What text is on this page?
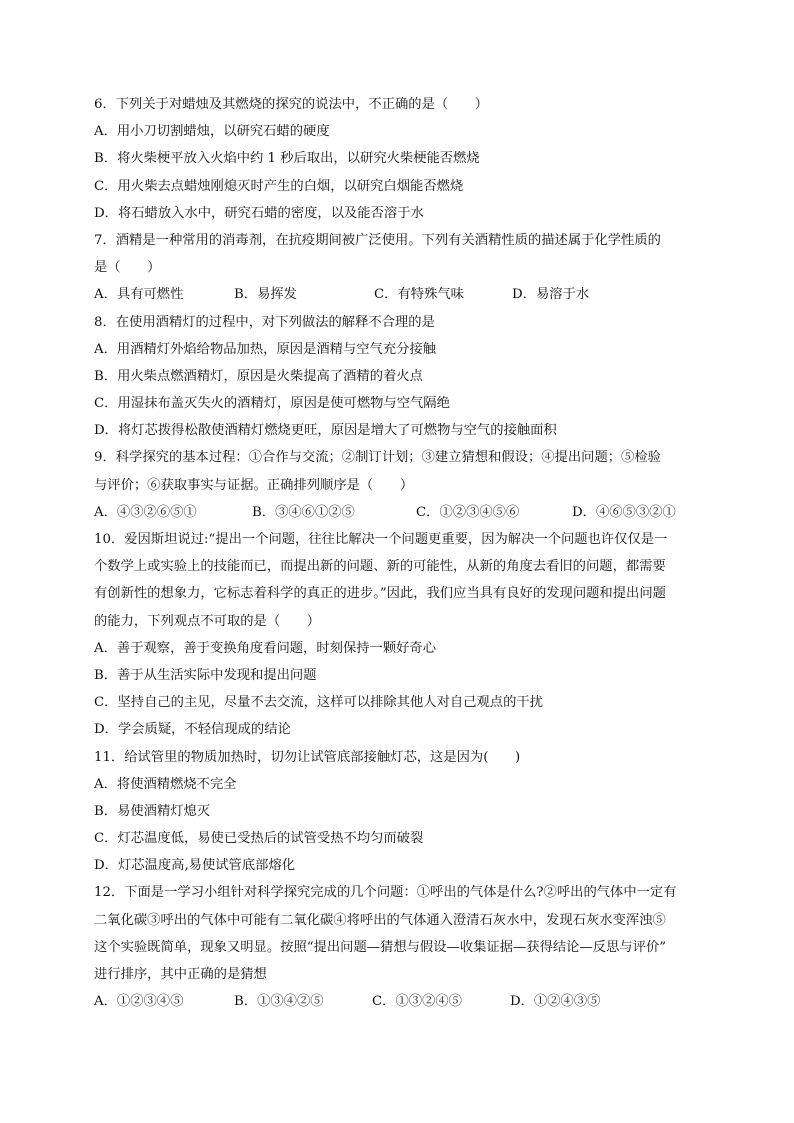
6．下列关于对蜡烛及其燃烧的探究的说法中，不正确的是（　　）
A．用小刀切割蜡烛，以研究石蜡的硬度
B．将火柴梗平放入火焰中约 1 秒后取出，以研究火柴梗能否燃烧
C．用火柴去点蜡烛刚熄灭时产生的白烟，以研究白烟能否燃烧
D．将石蜡放入水中，研究石蜡的密度，以及能否溶于水
7．酒精是一种常用的消毒剂，在抗疫期间被广泛使用。下列有关酒精性质的描述属于化学性质的
是（　　）
A．具有可燃性	B．易挥发	C．有特殊气味	D．易溶于水
8．在使用酒精灯的过程中，对下列做法的解释不合理的是
A．用酒精灯外焰给物品加热，原因是酒精与空气充分接触
B．用火柴点燃酒精灯，原因是火柴提高了酒精的着火点
C．用湿抹布盖灭失火的酒精灯，原因是使可燃物与空气隔绝
D．将灯芯拨得松散使酒精灯燃烧更旺，原因是增大了可燃物与空气的接触面积
9．科学探究的基本过程：①合作与交流；②制订计划；③建立猜想和假设；④提出问题；⑤检验
与评价；⑥获取事实与证据。正确排列顺序是（　　）
A．④③②⑥⑤①	B．③④⑥①②⑤	C．①②③④⑤⑥	D．④⑥⑤③②①
10．爱因斯坦说过:“提出一个问题，往往比解决一个问题更重要，因为解决一个问题也许仅仅是一
个数学上或实验上的技能而已，而提出新的问题、新的可能性，从新的角度去看旧的问题，都需要
有创新性的想象力，它标志着科学的真正的进步。”因此，我们应当具有良好的发现问题和提出问题
的能力，下列观点不可取的是（　　）
A．善于观察，善于变换角度看问题，时刻保持一颗好奇心
B．善于从生活实际中发现和提出问题
C．坚持自己的主见，尽量不去交流，这样可以排除其他人对自己观点的干扰
D．学会质疑，不轻信现成的结论
11．给试管里的物质加热时，切勿让试管底部接触灯芯，这是因为(　　)
A．将使酒精燃烧不完全
B．易使酒精灯熄灭
C．灯芯温度低，易使已受热后的试管受热不均匀而破裂
D．灯芯温度高,易使试管底部熔化
12．下面是一学习小组针对科学探究完成的几个问题：①呼出的气体是什么?②呼出的气体中一定有
二氧化碳③呼出的气体中可能有二氧化碳④将呼出的气体通入澄清石灰水中，发现石灰水变浑浊⑤
这个实验既简单，现象又明显。按照“提出问题—猜想与假设—收集证据—获得结论—反思与评价”
进行排序，其中正确的是猜想
A．①②③④⑤	B．①③④②⑤	C．①③②④⑤	D．①②④③⑤
